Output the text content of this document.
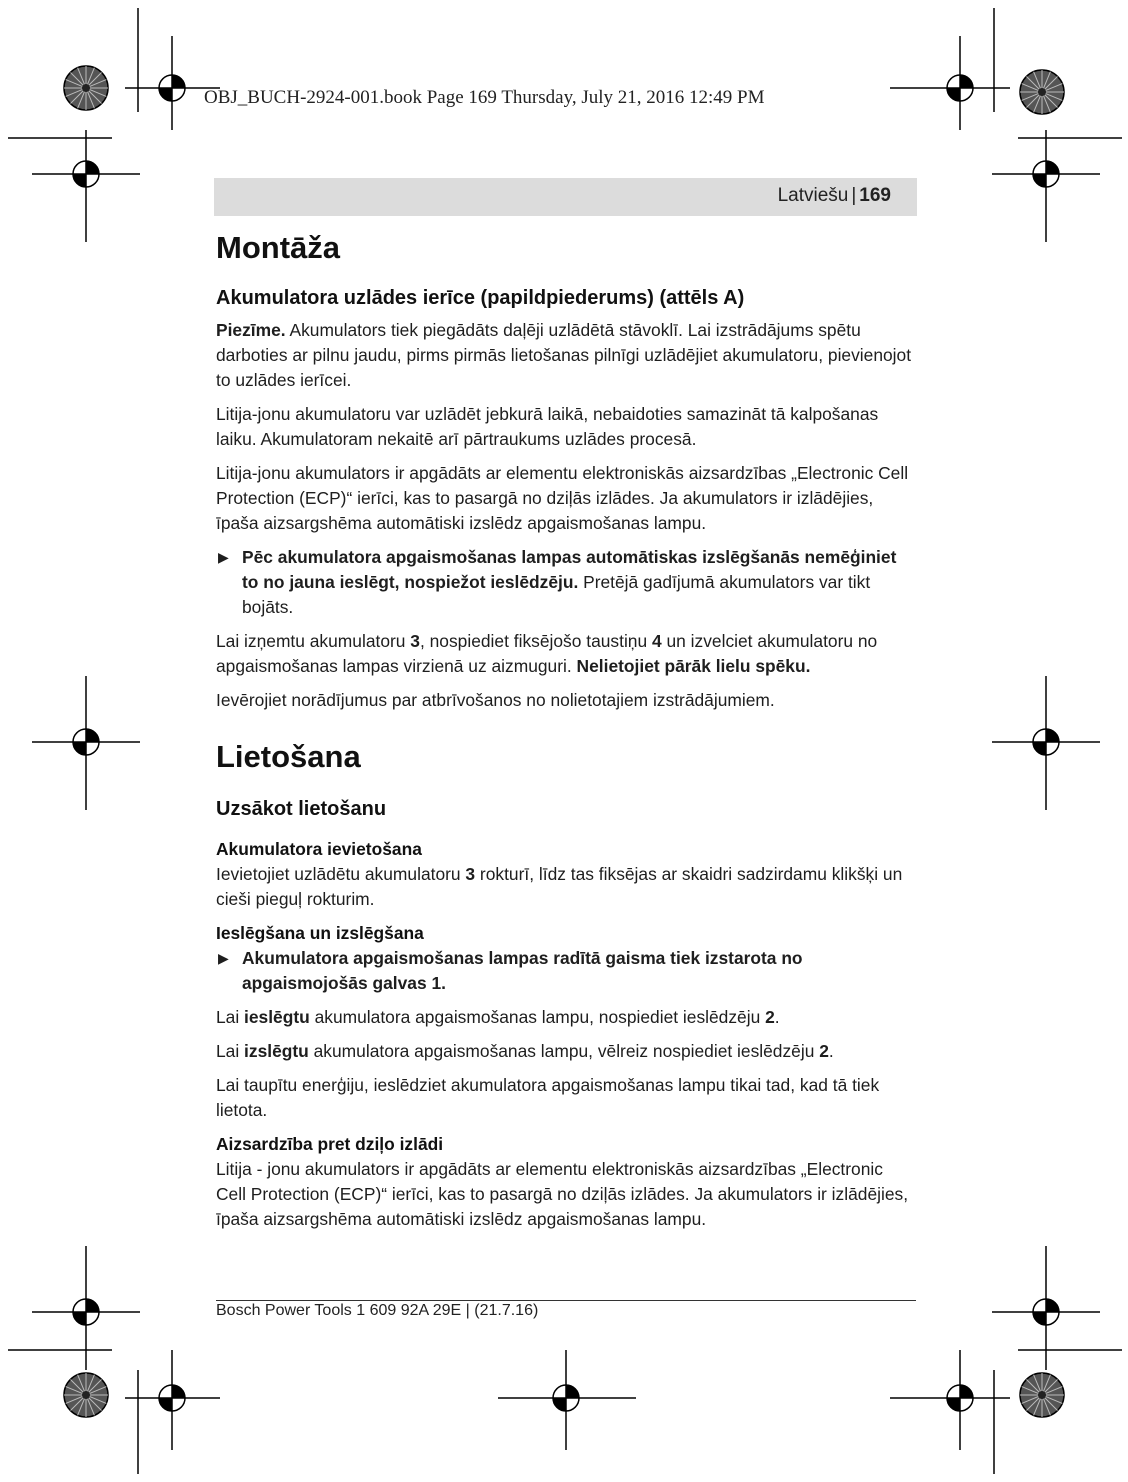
OBJ_BUCH-2924-001.book Page 169 Thursday, July 21, 2016 12:49 PM
Latviešu | 169
Montāža
Akumulatora uzlādes ierīce (papildpiederums) (attēls A)

Piezīme. Akumulators tiek piegādāts daļēji uzlādētā stāvoklī. Lai izstrādājums spētu darboties ar pilnu jaudu, pirms pirmās lietošanas pilnīgi uzlādējiet akumulatoru, pievienojot to uzlādes ierīcei.

Litija-jonu akumulatoru var uzlādēt jebkurā laikā, nebaidoties samazināt tā kalpošanas laiku. Akumulatoram nekaitē arī pārtraukums uzlādes procesā.

Litija-jonu akumulators ir apgādāts ar elementu elektroniskās aizsardzības „Electronic Cell Protection (ECP)“ ierīci, kas to pasargā no dziļās izlādes. Ja akumulators ir izlādējies, īpaša aizsargshēma automātiski izslēdz apgaismošanas lampu.

▶ Pēc akumulatora apgaismošanas lampas automātiskas izslēgšanās nemēģiniet to no jauna ieslēgt, nospiežot ieslēdzēju. Pretējā gadījumā akumulators var tikt bojāts.

Lai izņemtu akumulatoru 3, nospiediet fiksējošo taustiņu 4 un izvelciet akumulatoru no apgaismošanas lampas virzienā uz aizmuguri. Nelietojiet pārāk lielu spēku.

Ievērojiet norādījumus par atbrīvošanos no nolietotajiem izstrādājumiem.

Lietošana
Uzsākot lietošanu
Akumulatora ievietošana

Ievietojiet uzlādētu akumulatoru 3 rokturī, līdz tas fiksējas ar skaidri sadzirdamu klikšķi un cieši pieguļ rokturim.

Ieslēgšana un izslēgšana
▶ Akumulatora apgaismošanas lampas radītā gaisma tiek izstarota no apgaismojošās galvas 1.

Lai ieslēgtu akumulatora apgaismošanas lampu, nospiediet ieslēdzēju 2.

Lai izslēgtu akumulatora apgaismošanas lampu, vēlreiz nospiediet ieslēdzēju 2.

Lai taupītu enerģiju, ieslēdziet akumulatora apgaismošanas lampu tikai tad, kad tā tiek lietota.

Aizsardzība pret dziļo izlādi

Litija - jonu akumulators ir apgādāts ar elementu elektroniskās aizsardzības „Electronic Cell Protection (ECP)“ ierīci, kas to pasargā no dziļās izlādes. Ja akumulators ir izlādējies, īpaša aizsargshēma automātiski izslēdz apgaismošanas lampu.

Bosch Power Tools 1 609 92A 29E | (21.7.16)
